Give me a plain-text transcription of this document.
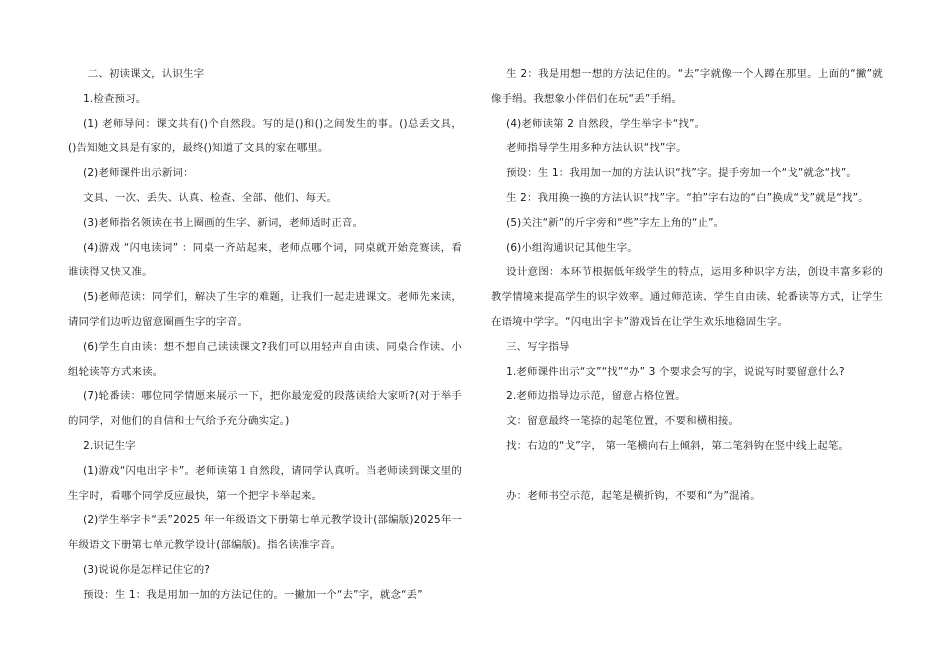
二、初读课文，认识生字

1.检查预习。

(1) 老师导问：课文共有()个自然段。写的是()和()之间发生的事。()总丢文具，()告知她文具是有家的，最终()知道了文具的家在哪里。

(2)老师课件出示新词：

文具、一次、丢失、认真、检查、全部、他们、每天。

(3)老师指名领读在书上圈画的生字、新词，老师适时正音。

(4)游戏 “闪电读词” ：同桌一齐站起来，老师点哪个词，同桌就开始竞赛读，看谁读得又快又准。

(5)老师范读：同学们，解决了生字的难题，让我们一起走进课文。老师先来读，请同学们边听边留意圈画生字的字音。

(6)学生自由读：想不想自己读读课文?我们可以用轻声自由读、同桌合作读、小组轮读等方式来读。

(7)轮番读：哪位同学情愿来展示一下，把你最宠爱的段落读给大家听?(对于举手的同学，对他们的自信和士气给予充分确实定。)

2.识记生字

(1)游戏“闪电出字卡”。老师读第１自然段，请同学认真听。当老师读到课文里的生字时，看哪个同学反应最快，第一个把字卡举起来。

(2)学生举字卡“丢”2025 年一年级语文下册第七单元教学设计(部编版)2025年一年级语文下册第七单元教学设计(部编版)。指名读准字音。

(3)说说你是怎样记住它的?

预设：生 1：我是用加一加的方法记住的。一撇加一个“去”字，就念“丢”

生 2：我是用想一想的方法记住的。“去”字就像一个人蹲在那里。上面的“撇”就像手绢。我想象小伴侣们在玩“丢”手绢。

(4)老师读第 2 自然段，学生举字卡“找”。

老师指导学生用多种方法认识“找”字。

预设：生 1：我用加一加的方法认识“找”字。提手旁加一个“戈”就念“找”。

生 2：我用换一换的方法认识“找”字。“拍”字右边的“白”换成“戈”就是“找”。

(5)关注“新”的斤字旁和“些”字左上角的“止”。

(6)小组沟通识记其他生字。

设计意图：本环节根据低年级学生的特点，运用多种识字方法，创设丰富多彩的教学情境来提高学生的识字效率。通过师范读、学生自由读、轮番读等方式，让学生在语境中学字。“闪电出字卡”游戏旨在让学生欢乐地稳固生字。

三、写字指导

1.老师课件出示“文”“找”“办” 3 个要求会写的字，说说写时要留意什么?

2.老师边指导边示范，留意占格位置。

文：留意最终一笔捺的起笔位置，不要和横相接。

找：右边的“戈”字， 第一笔横向右上倾斜，第二笔斜钩在竖中线上起笔。

办：老师书空示范，起笔是横折钩，不要和“为”混淆。
